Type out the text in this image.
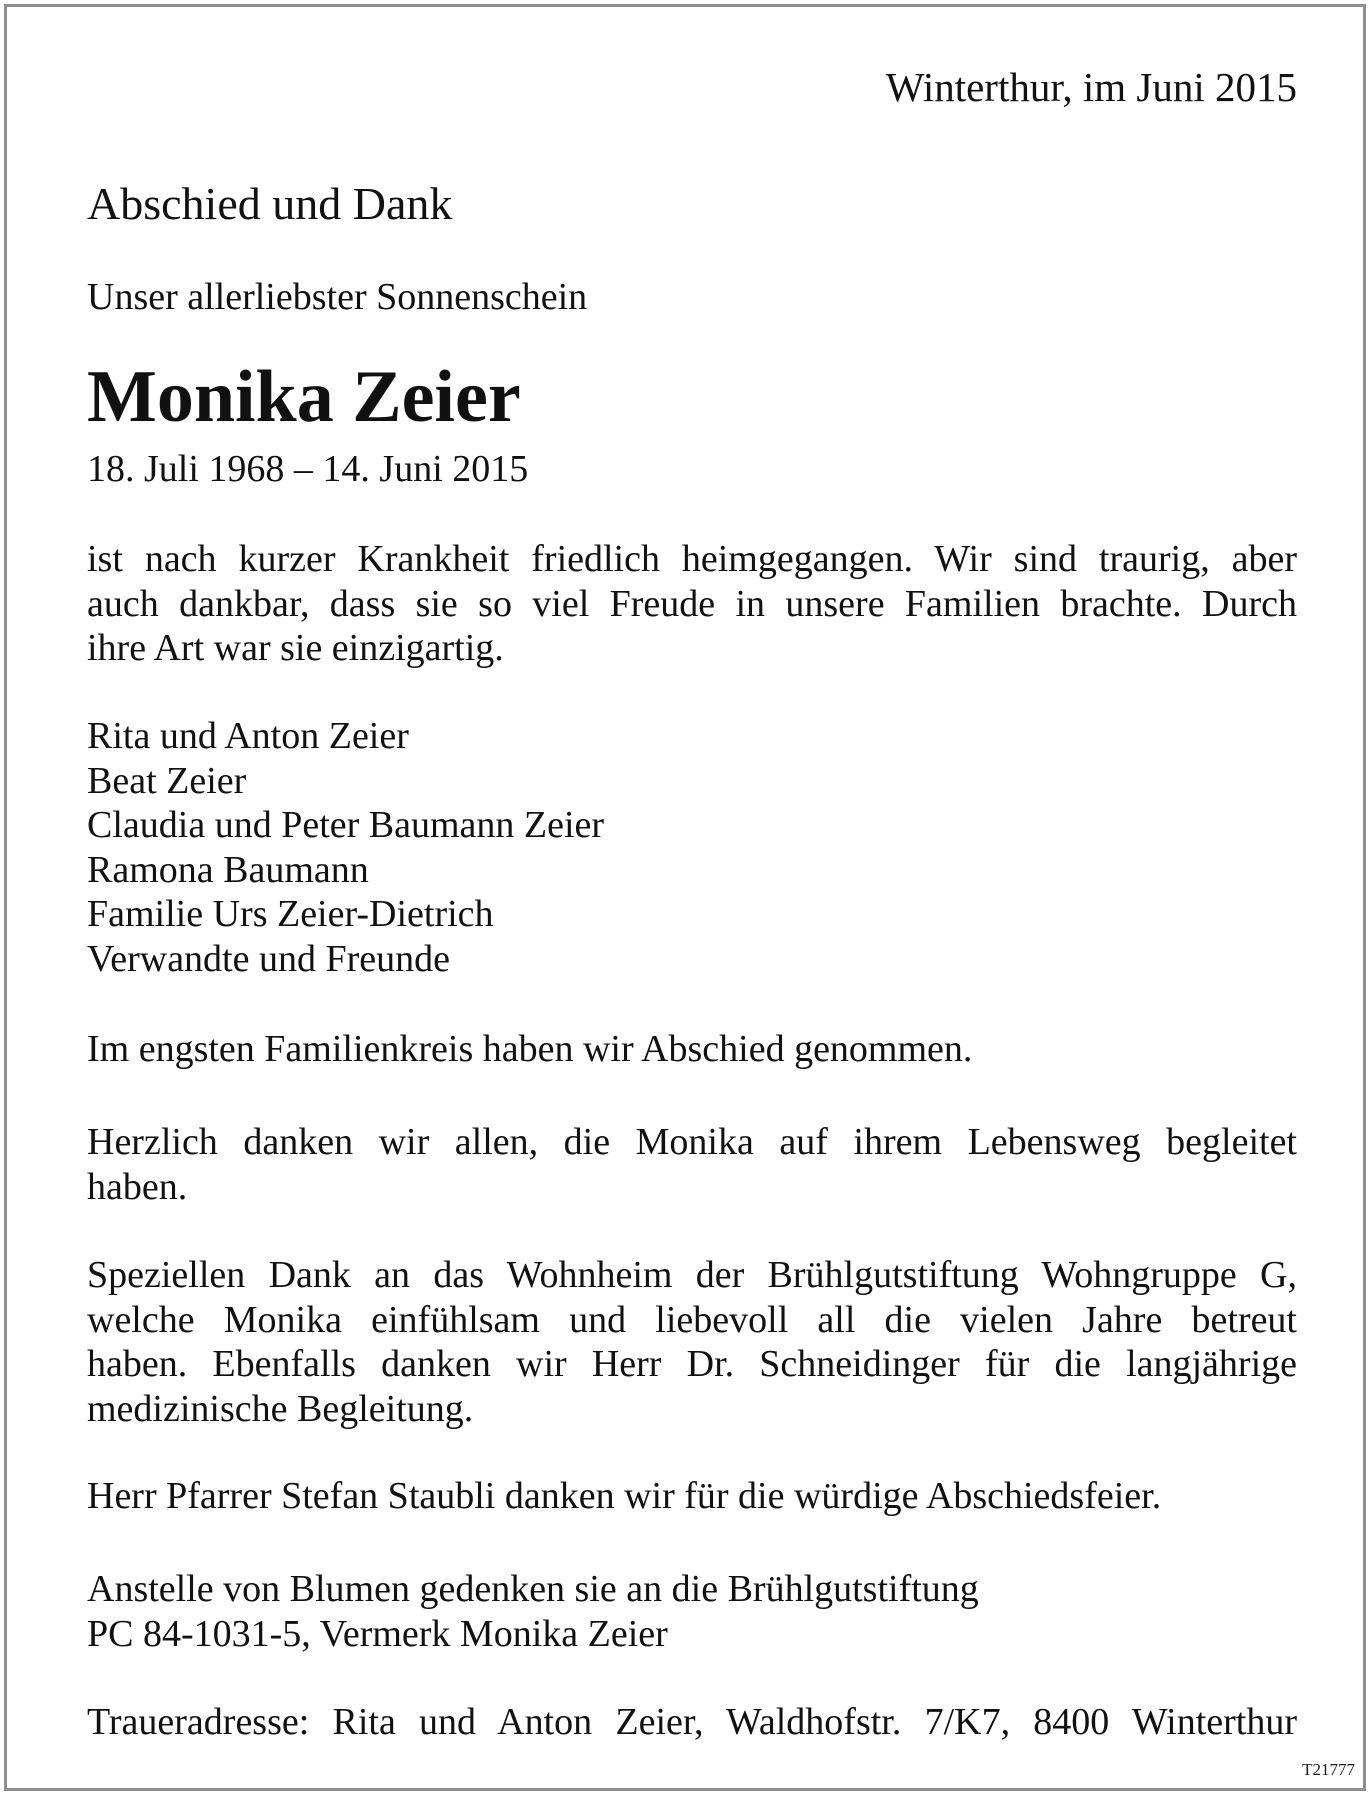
Winterthur, im Juni 2015
Abschied und Dank
Unser allerliebster Sonnenschein
Monika Zeier
18. Juli 1968 – 14. Juni 2015
ist nach kurzer Krankheit friedlich heimgegangen. Wir sind traurig, aber
auch dankbar, dass sie so viel Freude in unsere Familien brachte. Durch
ihre Art war sie einzigartig.
Rita und Anton Zeier
Beat Zeier
Claudia und Peter Baumann Zeier
Ramona Baumann
Familie Urs Zeier-Dietrich
Verwandte und Freunde
Im engsten Familienkreis haben wir Abschied genommen.
Herzlich danken wir allen, die Monika auf ihrem Lebensweg begleitet
haben.
Speziellen Dank an das Wohnheim der Brühlgutstiftung Wohngruppe G,
welche Monika einfühlsam und liebevoll all die vielen Jahre betreut
haben. Ebenfalls danken wir Herr Dr. Schneidinger für die langjährige
medizinische Begleitung.
Herr Pfarrer Stefan Staubli danken wir für die würdige Abschiedsfeier.
Anstelle von Blumen gedenken sie an die Brühlgutstiftung
PC 84-1031-5, Vermerk Monika Zeier
Traueradresse: Rita und Anton Zeier, Waldhofstr. 7/K7, 8400 Winterthur
T21777
